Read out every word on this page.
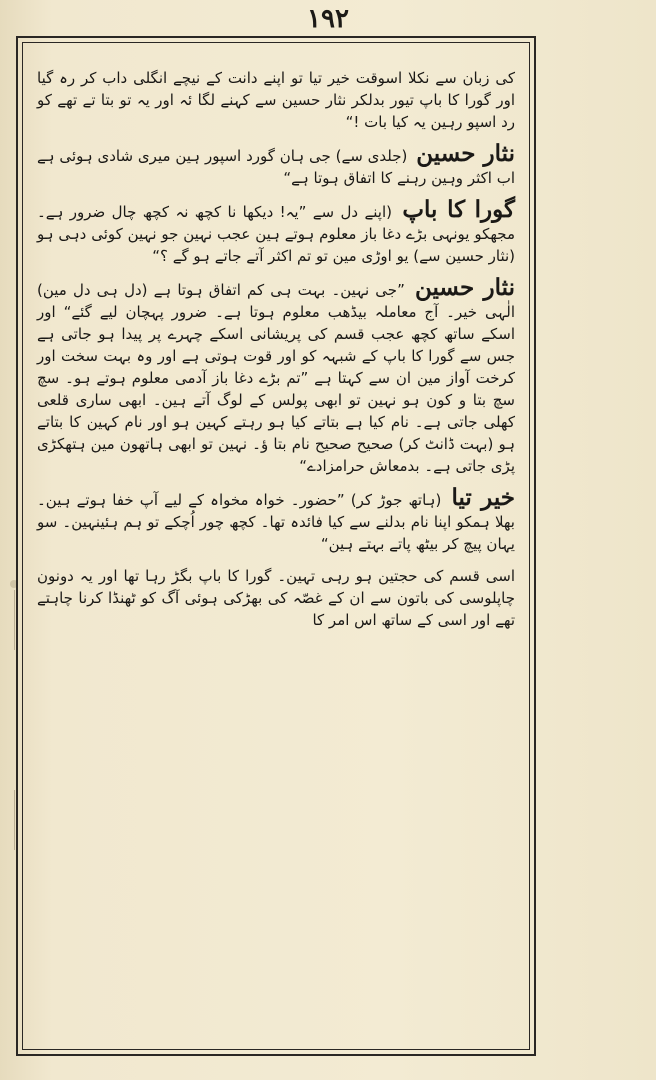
١٩٢

کی زبان سے نکلا اسوقت خیر تیا تو اپنے دانت کے نیچے انگلی داب کر رہ گیا اور گورا کا باپ تیور بدلکر نثار حسین سے کہنے لگا ئہ اور یہ تو بتا تے تھے کو رد اسپو رہین یہ کیا بات !“

نثار حسین (جلدی سے) جی ہان گورد اسپور ہین میری شادی ہوئی ہے اب اکثر وہین رہنے کا اتفاق ہوتا ہے“

گورا کا باپ (اپنے دل سے ”یہ! دیکھا نا کچھ نہ کچھ چال ضرور ہے۔ مجھکو یونہی بڑے دغا باز معلوم ہوتے ہین عجب نہین جو نہین کوئی دہی ہو (نثار حسین سے) یو اوڑی مین تو تم اکثر آتے جاتے ہو گے ؟“

نثار حسین ”جی نہین۔ بہت ہی کم اتفاق ہوتا ہے (دل ہی دل مین) الٰہی خیر۔ آج معاملہ بیڈھب معلوم ہوتا ہے۔ ضرور پہچان لیے گئے“ اور اسکے ساتھ کچھ عجب قسم کی پریشانی اسکے چہرے پر پیدا ہو جاتی ہے جس سے گورا کا باپ کے شبہہ کو اور قوت ہوتی ہے اور وہ بہت سخت اور کرخت آواز مین ان سے کہتا ہے ”تم بڑے دغا باز آدمی معلوم ہوتے ہو۔ سچ سچ بتا و کون ہو نہین تو ابھی پولس کے لوگ آتے ہین۔ ابھی ساری قلعی کھلی جاتی ہے۔ نام کیا ہے بتاتے کیا ہو رہتے کہین ہو اور نام کہین کا بتاتے ہو (بہت ڈانٹ کر) صحیح صحیح نام بتا ؤ۔ نہین تو ابھی ہاتھون مین ہتھکڑی پڑی جاتی ہے۔ بدمعاش حرامزادے“

خیر تیا (ہاتھ جوڑ کر) ”حضور۔ خواہ مخواہ کے لیے آپ خفا ہوتے ہین۔ بھلا ہمکو اپنا نام بدلنے سے کیا فائدہ تھا۔ کچھ چور اُچکے تو ہم ہئینہین۔ سو یہان پیچ کر بیٹھ پاتے بہتے ہین“

اسی قسم کی حجتین ہو رہی تہین۔ گورا کا باپ بگڑ رہا تھا اور یہ دونون چاپلوسی کی باتون سے ان کے غصّہ کی بھڑکی ہوئی آگ کو ٹھنڈا کرنا چاہتے تھے اور اسی کے ساتھ اس امر کا
